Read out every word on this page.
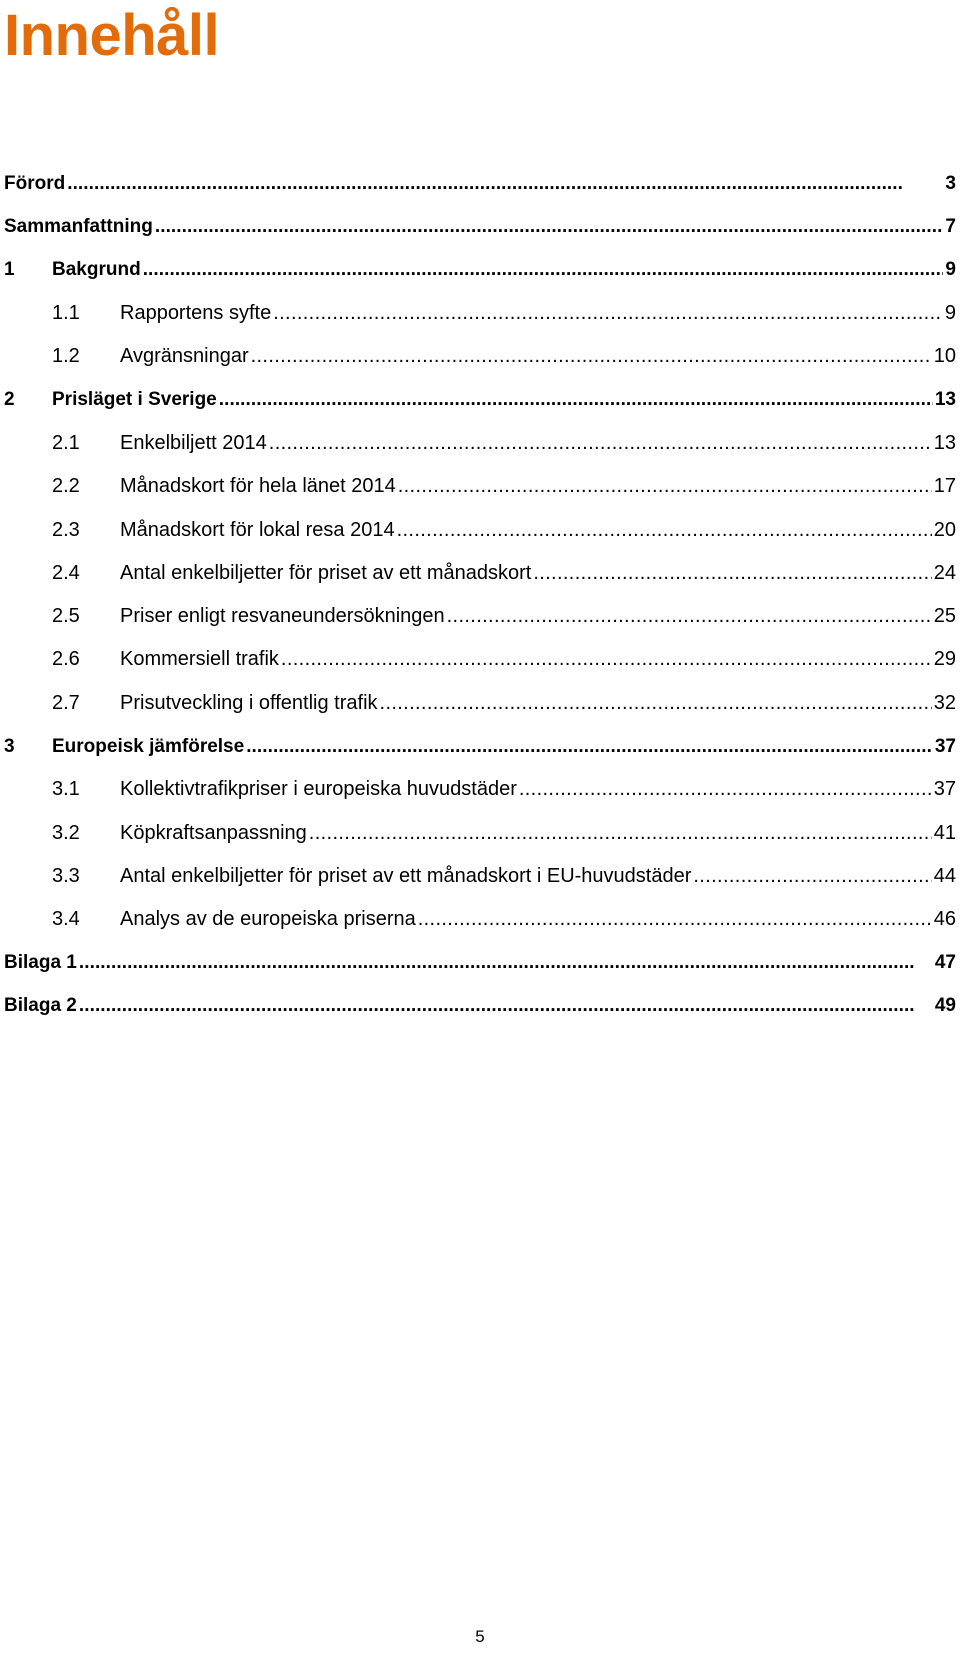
Innehåll
Förord . . .	3
Sammanfattning . . .	7
1	Bakgrund . . .	9
1.1	Rapportens syfte . . .	9
1.2	Avgränsningar . . .	10
2	Prisläget i Sverige . . .	13
2.1	Enkelbiljett 2014 . . .	13
2.2	Månadskort för hela länet 2014 . . .	17
2.3	Månadskort för lokal resa 2014 . . .	20
2.4	Antal enkelbiljetter för priset av ett månadskort . . .	24
2.5	Priser enligt resvaneundersökningen . . .	25
2.6	Kommersiell trafik . . .	29
2.7	Prisutveckling i offentlig trafik . . .	32
3	Europeisk jämförelse . . .	37
3.1	Kollektivtrafikpriser i europeiska huvudstäder . . .	37
3.2	Köpkraftsanpassning . . .	41
3.3	Antal enkelbiljetter för priset av ett månadskort i EU-huvudstäder . . .	44
3.4	Analys av de europeiska priserna . . .	46
Bilaga 1 . . .	47
Bilaga 2 . . .	49
5
